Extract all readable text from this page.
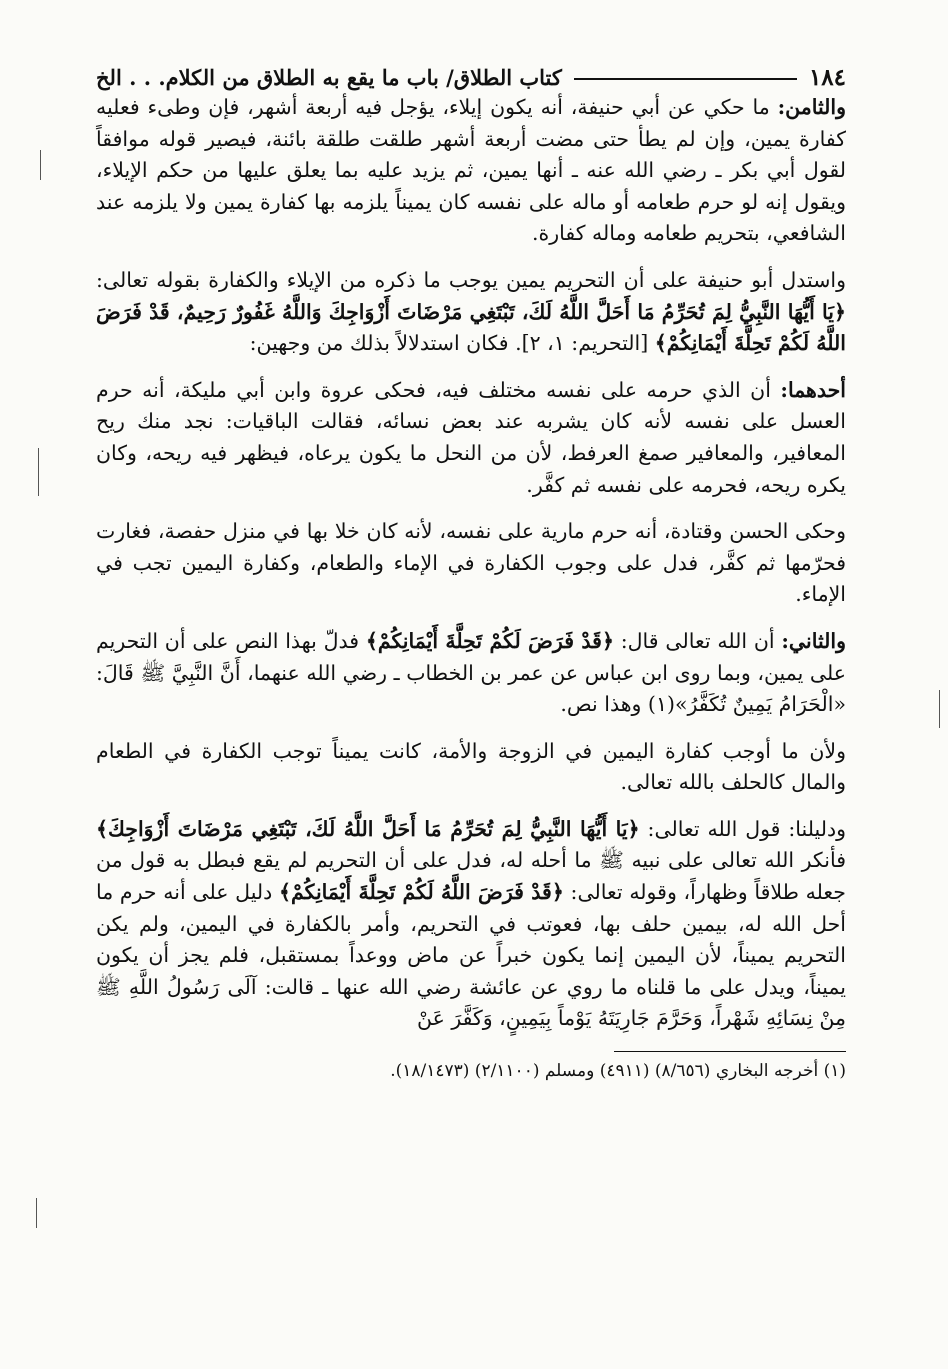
١٨٤
كتاب الطلاق/ باب ما يقع به الطلاق من الكلام. . . الخ

والثامن: ما حكي عن أبي حنيفة، أنه يكون إيلاء، يؤجل فيه أربعة أشهر، فإن وطىء فعليه كفارة يمين، وإن لم يطأ حتى مضت أربعة أشهر طلقت طلقة بائنة، فيصير قوله موافقاً لقول أبي بكر ـ رضي الله عنه ـ أنها يمين، ثم يزيد عليه بما يعلق عليها من حكم الإيلاء، ويقول إنه لو حرم طعامه أو ماله على نفسه كان يميناً يلزمه بها كفارة يمين ولا يلزمه عند الشافعي، بتحريم طعامه وماله كفارة.

واستدل أبو حنيفة على أن التحريم يمين يوجب ما ذكره من الإيلاء والكفارة بقوله تعالى: ﴿يَا أَيُّهَا النَّبِيُّ لِمَ تُحَرِّمُ مَا أَحَلَّ اللَّهُ لَكَ، تَبْتَغِي مَرْضَاتَ أَزْوَاجِكَ وَاللَّهُ غَفُورٌ رَحِيمٌ، قَدْ فَرَضَ اللَّهُ لَكُمْ تَحِلَّةَ أَيْمَانِكُمْ﴾ [التحريم: ١، ٢]. فكان استدلالاً بذلك من وجهين:

أحدهما: أن الذي حرمه على نفسه مختلف فيه، فحكى عروة وابن أبي مليكة، أنه حرم العسل على نفسه لأنه كان يشربه عند بعض نسائه، فقالت الباقيات: نجد منك ريح المعافير، والمعافير صمغ العرفط، لأن من النحل ما يكون يرعاه، فيظهر فيه ريحه، وكان يكره ريحه، فحرمه على نفسه ثم كفَّر.

وحكى الحسن وقتادة، أنه حرم مارية على نفسه، لأنه كان خلا بها في منزل حفصة، فغارت فحرّمها ثم كفَّر، فدل على وجوب الكفارة في الإماء والطعام، وكفارة اليمين تجب في الإماء.

والثاني: أن الله تعالى قال: ﴿قَدْ فَرَضَ لَكُمْ تَحِلَّةَ أَيْمَانِكُمْ﴾ فدلّ بهذا النص على أن التحريم على يمين، وبما روى ابن عباس عن عمر بن الخطاب ـ رضي الله عنهما، أَنَّ النَّبِيَّ ﷺ قَالَ: «الْحَرَامُ يَمِينٌ تُكَفَّرُ»(١) وهذا نص.

ولأن ما أوجب كفارة اليمين في الزوجة والأمة، كانت يميناً توجب الكفارة في الطعام والمال كالحلف بالله تعالى.

ودليلنا: قول الله تعالى: ﴿يَا أَيُّهَا النَّبِيُّ لِمَ تُحَرِّمُ مَا أَحَلَّ اللَّهُ لَكَ، تَبْتَغِي مَرْضَاتَ أَزْوَاجِكَ﴾ فأنكر الله تعالى على نبيه ﷺ ما أحله له، فدل على أن التحريم لم يقع فبطل به قول من جعله طلاقاً وظهاراً، وقوله تعالى: ﴿قَدْ فَرَضَ اللَّهُ لَكُمْ تَحِلَّةَ أَيْمَانِكُمْ﴾ دليل على أنه حرم ما أحل الله له، بيمين حلف بها، فعوتب في التحريم، وأمر بالكفارة في اليمين، ولم يكن التحريم يميناً، لأن اليمين إنما يكون خبراً عن ماض ووعداً بمستقبل، فلم يجز أن يكون يميناً، ويدل على ما قلناه ما روي عن عائشة رضي الله عنها ـ قالت: آلَى رَسُولُ اللَّهِ ﷺ مِنْ نِسَائِهِ شَهْراً، وَحَرَّمَ جَارِيَتَهُ يَوْماً بِيَمِينٍ، وَكَفَّرَ عَنْ

(١) أخرجه البخاري (٨/٦٥٦) (٤٩١١) ومسلم (٢/١١٠٠) (١٨/١٤٧٣).
